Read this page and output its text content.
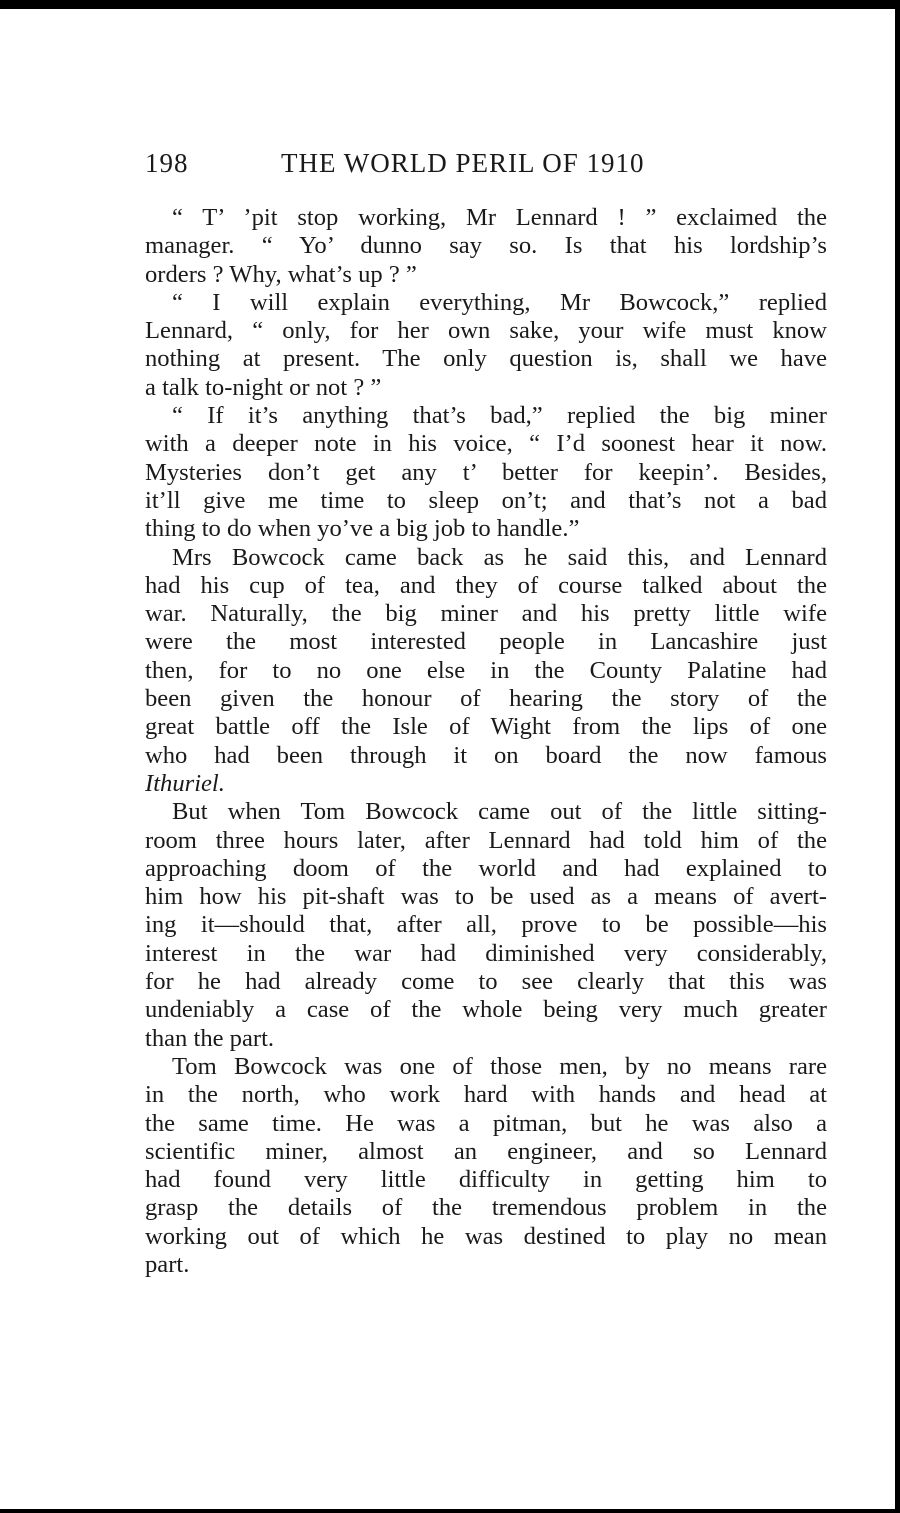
198	THE WORLD PERIL OF 1910
“ T’ ’pit stop working, Mr Lennard ! ” exclaimed the
manager. “ Yo’ dunno say so. Is that his lordship’s
orders ? Why, what’s up ? ”
“ I will explain everything, Mr Bowcock,” replied
Lennard, “ only, for her own sake, your wife must know
nothing at present. The only question is, shall we have
a talk to-night or not ? ”
“ If it’s anything that’s bad,” replied the big miner
with a deeper note in his voice, “ I’d soonest hear it now.
Mysteries don’t get any t’ better for keepin’. Besides,
it’ll give me time to sleep on’t; and that’s not a bad
thing to do when yo’ve a big job to handle.”
Mrs Bowcock came back as he said this, and Lennard
had his cup of tea, and they of course talked about the
war. Naturally, the big miner and his pretty little wife
were the most interested people in Lancashire just
then, for to no one else in the County Palatine had
been given the honour of hearing the story of the
great battle off the Isle of Wight from the lips of one
who had been through it on board the now famous
Ithuriel.
But when Tom Bowcock came out of the little sitting-
room three hours later, after Lennard had told him of the
approaching doom of the world and had explained to
him how his pit-shaft was to be used as a means of avert-
ing it—should that, after all, prove to be possible—his
interest in the war had diminished very considerably,
for he had already come to see clearly that this was
undeniably a case of the whole being very much greater
than the part.
Tom Bowcock was one of those men, by no means rare
in the north, who work hard with hands and head at
the same time. He was a pitman, but he was also a
scientific miner, almost an engineer, and so Lennard
had found very little difficulty in getting him to
grasp the details of the tremendous problem in the
working out of which he was destined to play no mean
part.
